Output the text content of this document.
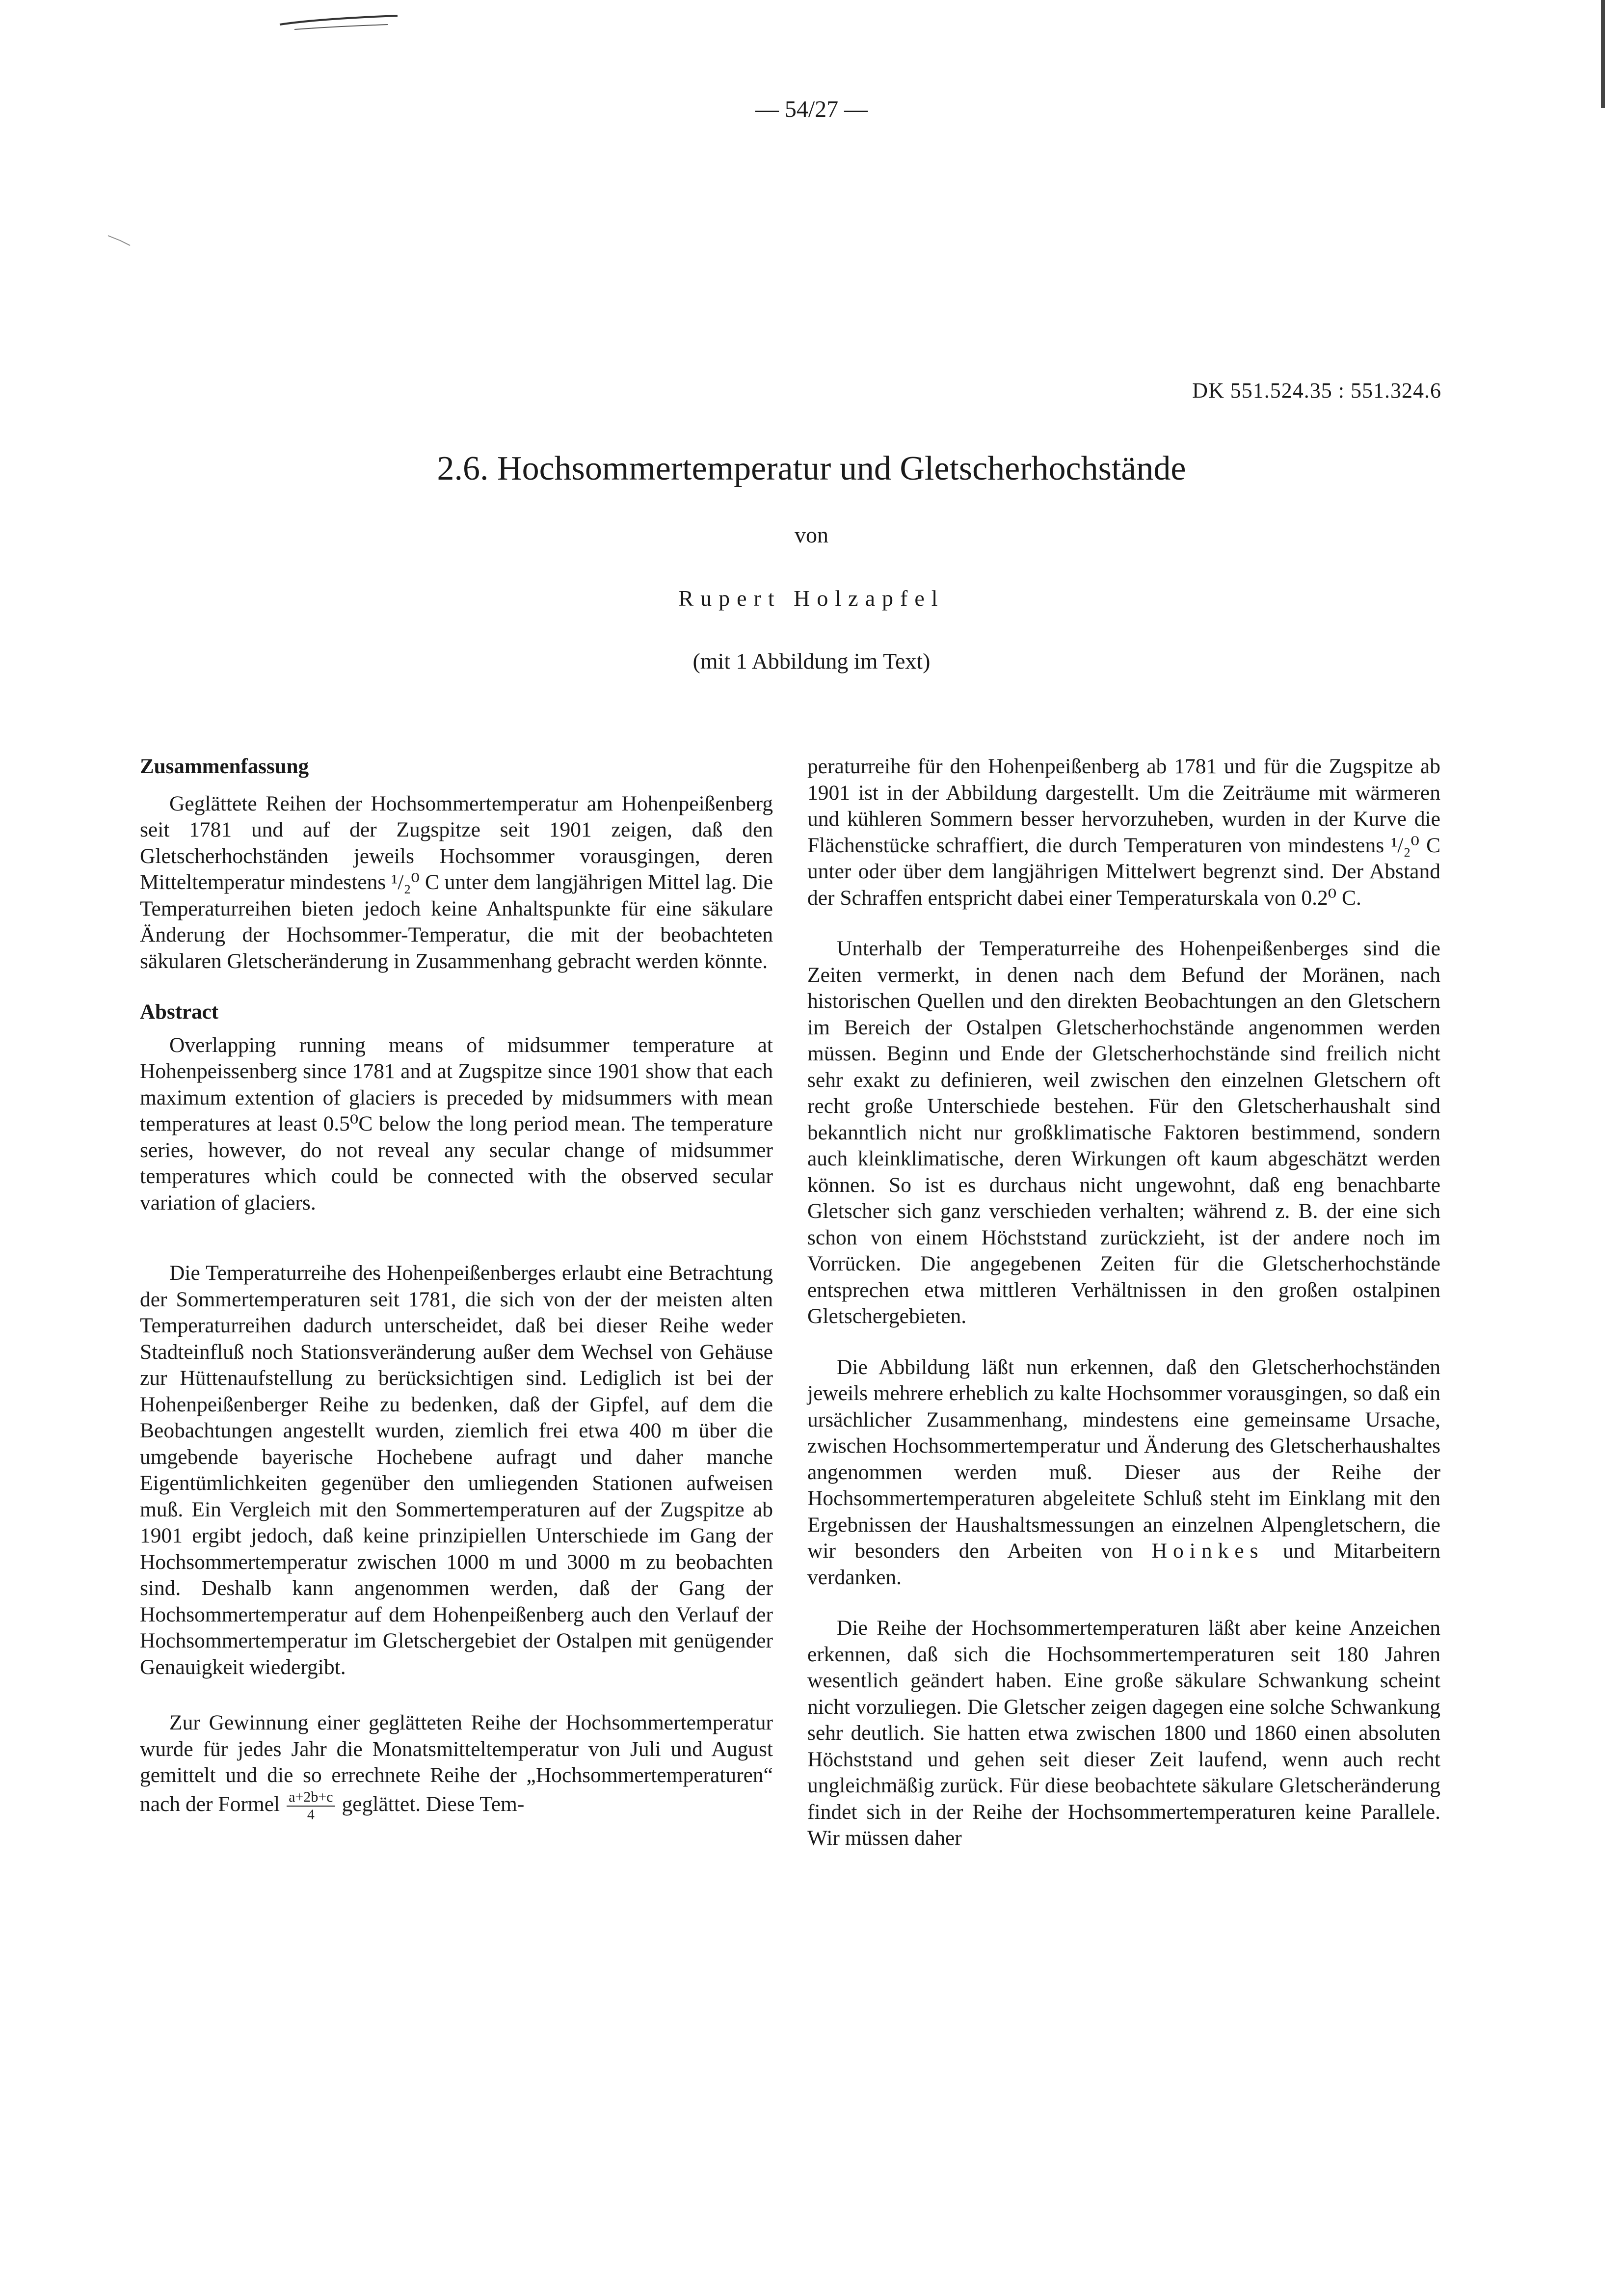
— 54/27 —
DK 551.524.35 : 551.324.6
2.6. Hochsommertemperatur und Gletscherhochstände
von
Rupert Holzapfel
(mit 1 Abbildung im Text)
Zusammenfassung

Geglättete Reihen der Hochsommertemperatur am Hohenpeißenberg seit 1781 und auf der Zugspitze seit 1901 zeigen, daß den Gletscherhochständen jeweils Hochsommer vorausgingen, deren Mitteltemperatur mindestens ¹/₂⁰ C unter dem langjährigen Mittel lag. Die Temperaturreihen bieten jedoch keine Anhaltspunkte für eine säkulare Änderung der Hochsommer-Temperatur, die mit der beobachteten säkularen Gletscheränderung in Zusammenhang gebracht werden könnte.

Abstract

Overlapping running means of midsummer temperature at Hohenpeissenberg since 1781 and at Zugspitze since 1901 show that each maximum extention of glaciers is preceded by midsummers with mean temperatures at least 0.5⁰C below the long period mean. The temperature series, however, do not reveal any secular change of midsummer temperatures which could be connected with the observed secular variation of glaciers.

Die Temperaturreihe des Hohenpeißenberges erlaubt eine Betrachtung der Sommertemperaturen seit 1781, die sich von der der meisten alten Temperaturreihen dadurch unterscheidet, daß bei dieser Reihe weder Stadteinfluß noch Stationsveränderung außer dem Wechsel von Gehäuse zur Hüttenaufstellung zu berücksichtigen sind. Lediglich ist bei der Hohenpeißenberger Reihe zu bedenken, daß der Gipfel, auf dem die Beobachtungen angestellt wurden, ziemlich frei etwa 400 m über die umgebende bayerische Hochebene aufragt und daher manche Eigentümlichkeiten gegenüber den umliegenden Stationen aufweisen muß. Ein Vergleich mit den Sommertemperaturen auf der Zugspitze ab 1901 ergibt jedoch, daß keine prinzipiellen Unterschiede im Gang der Hochsommertemperatur zwischen 1000 m und 3000 m zu beobachten sind. Deshalb kann angenommen werden, daß der Gang der Hochsommertemperatur auf dem Hohenpeißenberg auch den Verlauf der Hochsommertemperatur im Gletschergebiet der Ostalpen mit genügender Genauigkeit wiedergibt.

Zur Gewinnung einer geglätteten Reihe der Hochsommertemperatur wurde für jedes Jahr die Monatsmitteltemperatur von Juli und August gemittelt und die so errechnete Reihe der „Hochsommertemperaturen“ nach der Formel $\frac{a+2b+c}{4}$ geglättet. Diese Tem-

peraturreihe für den Hohenpeißenberg ab 1781 und für die Zugspitze ab 1901 ist in der Abbildung dargestellt. Um die Zeiträume mit wärmeren und kühleren Sommern besser hervorzuheben, wurden in der Kurve die Flächenstücke schraffiert, die durch Temperaturen von mindestens ¹/₂⁰ C unter oder über dem langjährigen Mittelwert begrenzt sind. Der Abstand der Schraffen entspricht dabei einer Temperaturskala von 0.2⁰ C.

Unterhalb der Temperaturreihe des Hohenpeißenberges sind die Zeiten vermerkt, in denen nach dem Befund der Moränen, nach historischen Quellen und den direkten Beobachtungen an den Gletschern im Bereich der Ostalpen Gletscherhochstände angenommen werden müssen. Beginn und Ende der Gletscherhochstände sind freilich nicht sehr exakt zu definieren, weil zwischen den einzelnen Gletschern oft recht große Unterschiede bestehen. Für den Gletscherhaushalt sind bekanntlich nicht nur großklimatische Faktoren bestimmend, sondern auch kleinklimatische, deren Wirkungen oft kaum abgeschätzt werden können. So ist es durchaus nicht ungewohnt, daß eng benachbarte Gletscher sich ganz verschieden verhalten; während z. B. der eine sich schon von einem Höchststand zurückzieht, ist der andere noch im Vorrücken. Die angegebenen Zeiten für die Gletscherhochstände entsprechen etwa mittleren Verhältnissen in den großen ostalpinen Gletschergebieten.

Die Abbildung läßt nun erkennen, daß den Gletscherhochständen jeweils mehrere erheblich zu kalte Hochsommer vorausgingen, so daß ein ursächlicher Zusammenhang, mindestens eine gemeinsame Ursache, zwischen Hochsommertemperatur und Änderung des Gletscherhaushaltes angenommen werden muß. Dieser aus der Reihe der Hochsommertemperaturen abgeleitete Schluß steht im Einklang mit den Ergebnissen der Haushaltsmessungen an einzelnen Alpengletschern, die wir besonders den Arbeiten von Hoinkes und Mitarbeitern verdanken.

Die Reihe der Hochsommertemperaturen läßt aber keine Anzeichen erkennen, daß sich die Hochsommertemperaturen seit 180 Jahren wesentlich geändert haben. Eine große säkulare Schwankung scheint nicht vorzuliegen. Die Gletscher zeigen dagegen eine solche Schwankung sehr deutlich. Sie hatten etwa zwischen 1800 und 1860 einen absoluten Höchststand und gehen seit dieser Zeit laufend, wenn auch recht ungleichmäßig zurück. Für diese beobachtete säkulare Gletscheränderung findet sich in der Reihe der Hochsommertemperaturen keine Parallele. Wir müssen daher
